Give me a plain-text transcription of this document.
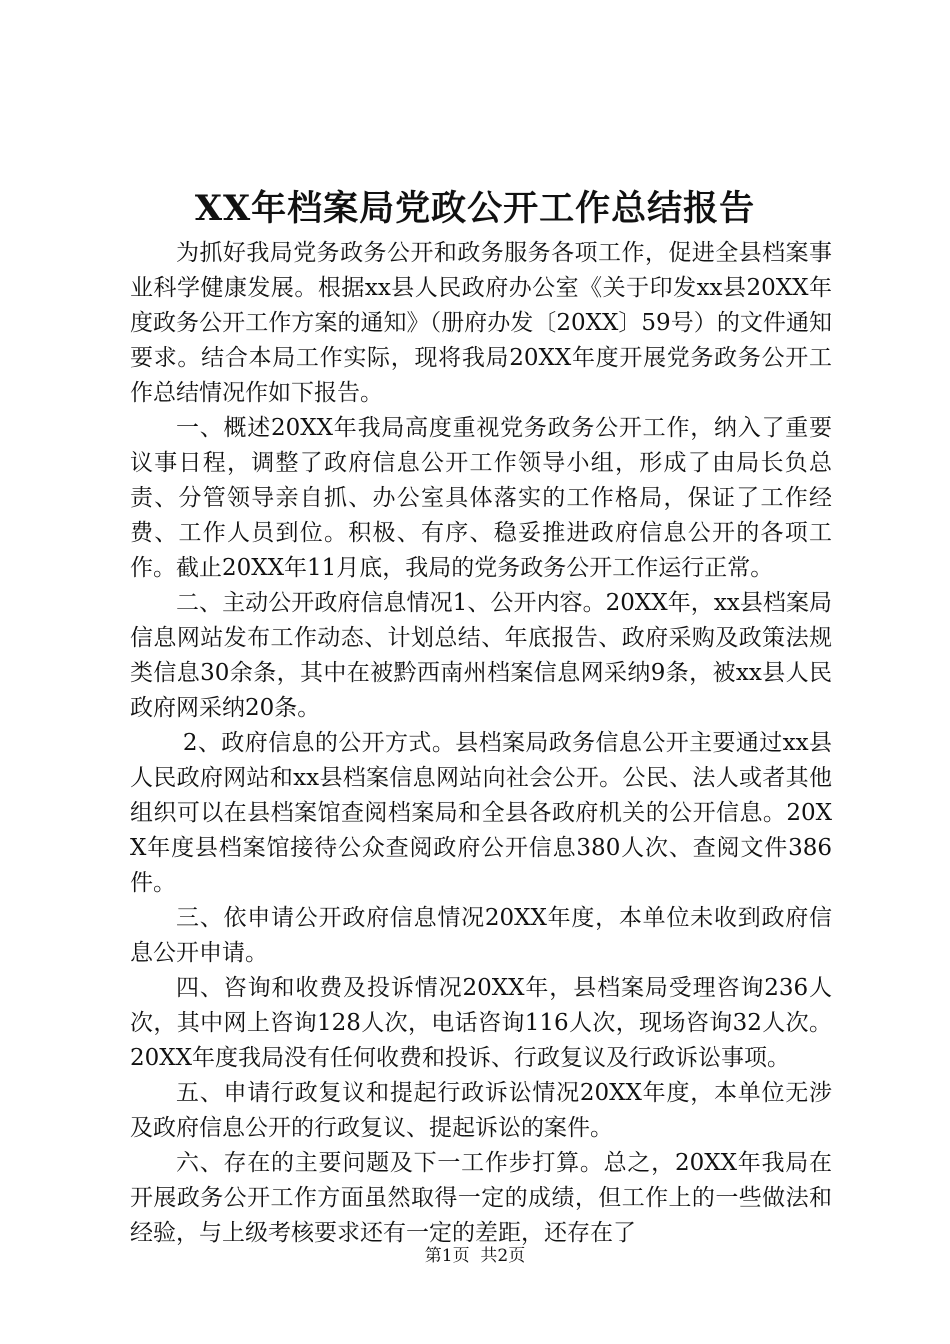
XX年档案局党政公开工作总结报告

为抓好我局党务政务公开和政务服务各项工作，促进全县档案事业科学健康发展。根据xx县人民政府办公室《关于印发xx县20XX年度政务公开工作方案的通知》（册府办发〔20XX〕59号）的文件通知要求。结合本局工作实际，现将我局20XX年度开展党务政务公开工作总结情况作如下报告。

一、概述20XX年我局高度重视党务政务公开工作，纳入了重要议事日程，调整了政府信息公开工作领导小组，形成了由局长负总责、分管领导亲自抓、办公室具体落实的工作格局，保证了工作经费、工作人员到位。积极、有序、稳妥推进政府信息公开的各项工作。截止20XX年11月底，我局的党务政务公开工作运行正常。

二、主动公开政府信息情况1、公开内容。20XX年，xx县档案局信息网站发布工作动态、计划总结、年底报告、政府采购及政策法规类信息30余条，其中在被黔西南州档案信息网采纳9条，被xx县人民政府网采纳20条。

2、政府信息的公开方式。县档案局政务信息公开主要通过xx县人民政府网站和xx县档案信息网站向社会公开。公民、法人或者其他组织可以在县档案馆查阅档案局和全县各政府机关的公开信息。20XX年度县档案馆接待公众查阅政府公开信息380人次、查阅文件386件。

三、依申请公开政府信息情况20XX年度，本单位未收到政府信息公开申请。

四、咨询和收费及投诉情况20XX年，县档案局受理咨询236人次，其中网上咨询128人次，电话咨询116人次，现场咨询32人次。20XX年度我局没有任何收费和投诉、行政复议及行政诉讼事项。

五、申请行政复议和提起行政诉讼情况20XX年度，本单位无涉及政府信息公开的行政复议、提起诉讼的案件。

六、存在的主要问题及下一工作步打算。总之，20XX年我局在开展政务公开工作方面虽然取得一定的成绩，但工作上的一些做法和经验，与上级考核要求还有一定的差距，还存在了

第1页  共2页
